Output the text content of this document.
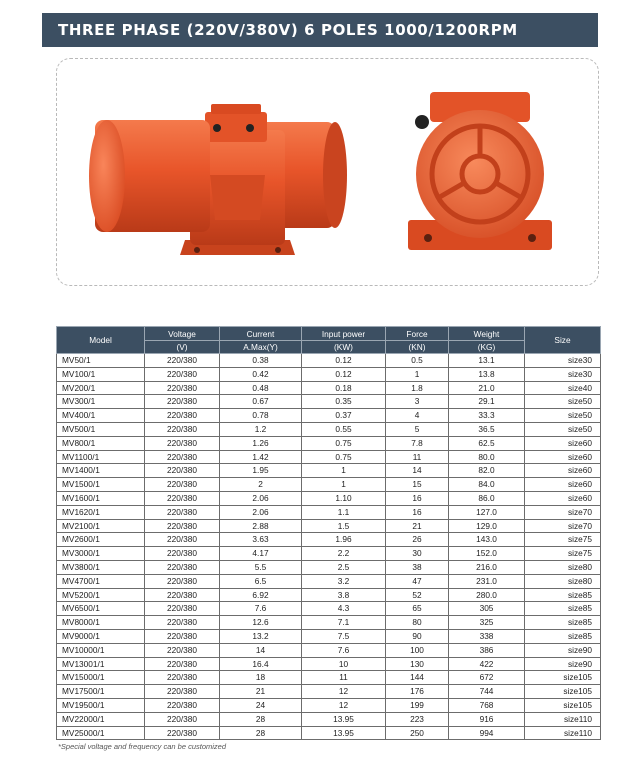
THREE PHASE (220V/380V) 6 POLES 1000/1200RPM 50/60HZ
Model	Voltage	Current	Input power	Force	Weight	Size
	(V)	A.Max(Y)	(KW)	(KN)	(KG)	
MV50/1	220/380	0.38	0.12	0.5	13.1	size30
MV100/1	220/380	0.42	0.12	1	13.8	size30
MV200/1	220/380	0.48	0.18	1.8	21.0	size40
MV300/1	220/380	0.67	0.35	3	29.1	size50
MV400/1	220/380	0.78	0.37	4	33.3	size50
MV500/1	220/380	1.2	0.55	5	36.5	size50
MV800/1	220/380	1.26	0.75	7.8	62.5	size60
MV1100/1	220/380	1.42	0.75	11	80.0	size60
MV1400/1	220/380	1.95	1	14	82.0	size60
MV1500/1	220/380	2	1	15	84.0	size60
MV1600/1	220/380	2.06	1.10	16	86.0	size60
MV1620/1	220/380	2.06	1.1	16	127.0	size70
MV2100/1	220/380	2.88	1.5	21	129.0	size70
MV2600/1	220/380	3.63	1.96	26	143.0	size75
MV3000/1	220/380	4.17	2.2	30	152.0	size75
MV3800/1	220/380	5.5	2.5	38	216.0	size80
MV4700/1	220/380	6.5	3.2	47	231.0	size80
MV5200/1	220/380	6.92	3.8	52	280.0	size85
MV6500/1	220/380	7.6	4.3	65	305	size85
MV8000/1	220/380	12.6	7.1	80	325	size85
MV9000/1	220/380	13.2	7.5	90	338	size85
MV10000/1	220/380	14	7.6	100	386	size90
MV13001/1	220/380	16.4	10	130	422	size90
MV15000/1	220/380	18	11	144	672	size105
MV17500/1	220/380	21	12	176	744	size105
MV19500/1	220/380	24	12	199	768	size105
MV22000/1	220/380	28	13.95	223	916	size110
MV25000/1	220/380	28	13.95	250	994	size110
*Special voltage and frequency can be customized
